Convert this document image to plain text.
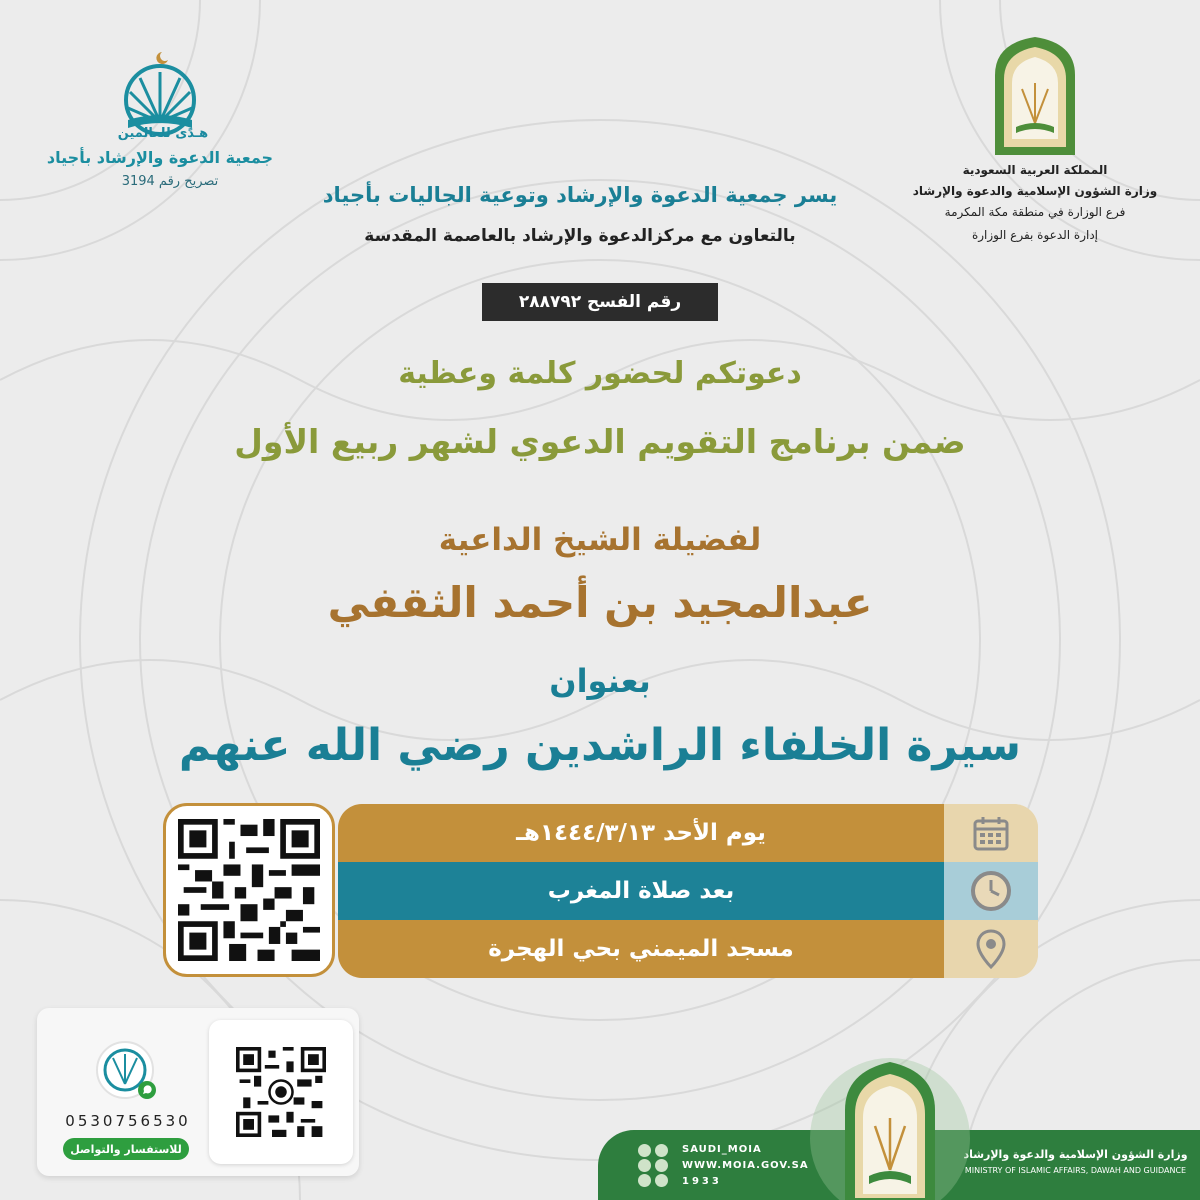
هـدًى للعالمين
جمعية الدعوة والإرشاد بأجياد
تصريح رقم 3194
المملكة العربية السعودية
وزارة الشؤون الإسلامية والدعوة والإرشاد
فرع الوزارة في منطقة مكة المكرمة
إدارة الدعوة بفرع الوزارة
يسر جمعية الدعوة والإرشاد وتوعية الجاليات بأجياد
بالتعاون مع مركزالدعوة والإرشاد بالعاصمة المقدسة
رقم الفسح ٢٨٨٧٩٢
دعوتكم لحضور كلمة وعظية
ضمن برنامج التقويم الدعوي لشهر ربيع الأول
لفضيلة الشيخ الداعية
عبدالمجيد بن أحمد الثقفي
بعنوان
سيرة الخلفاء الراشدين رضي الله عنهم
يوم الأحد ١٤٤٤/٣/١٣هـ
بعد صلاة المغرب
مسجد الميمني بحي الهجرة
0530756530
للاستفسار والتواصل	SAUDI_MOIA
WWW.MOIA.GOV.SA
1933
وزارة الشؤون الإسلامية والدعوة والإرشاد
MINISTRY OF ISLAMIC AFFAIRS, DAWAH AND GUIDANCE
